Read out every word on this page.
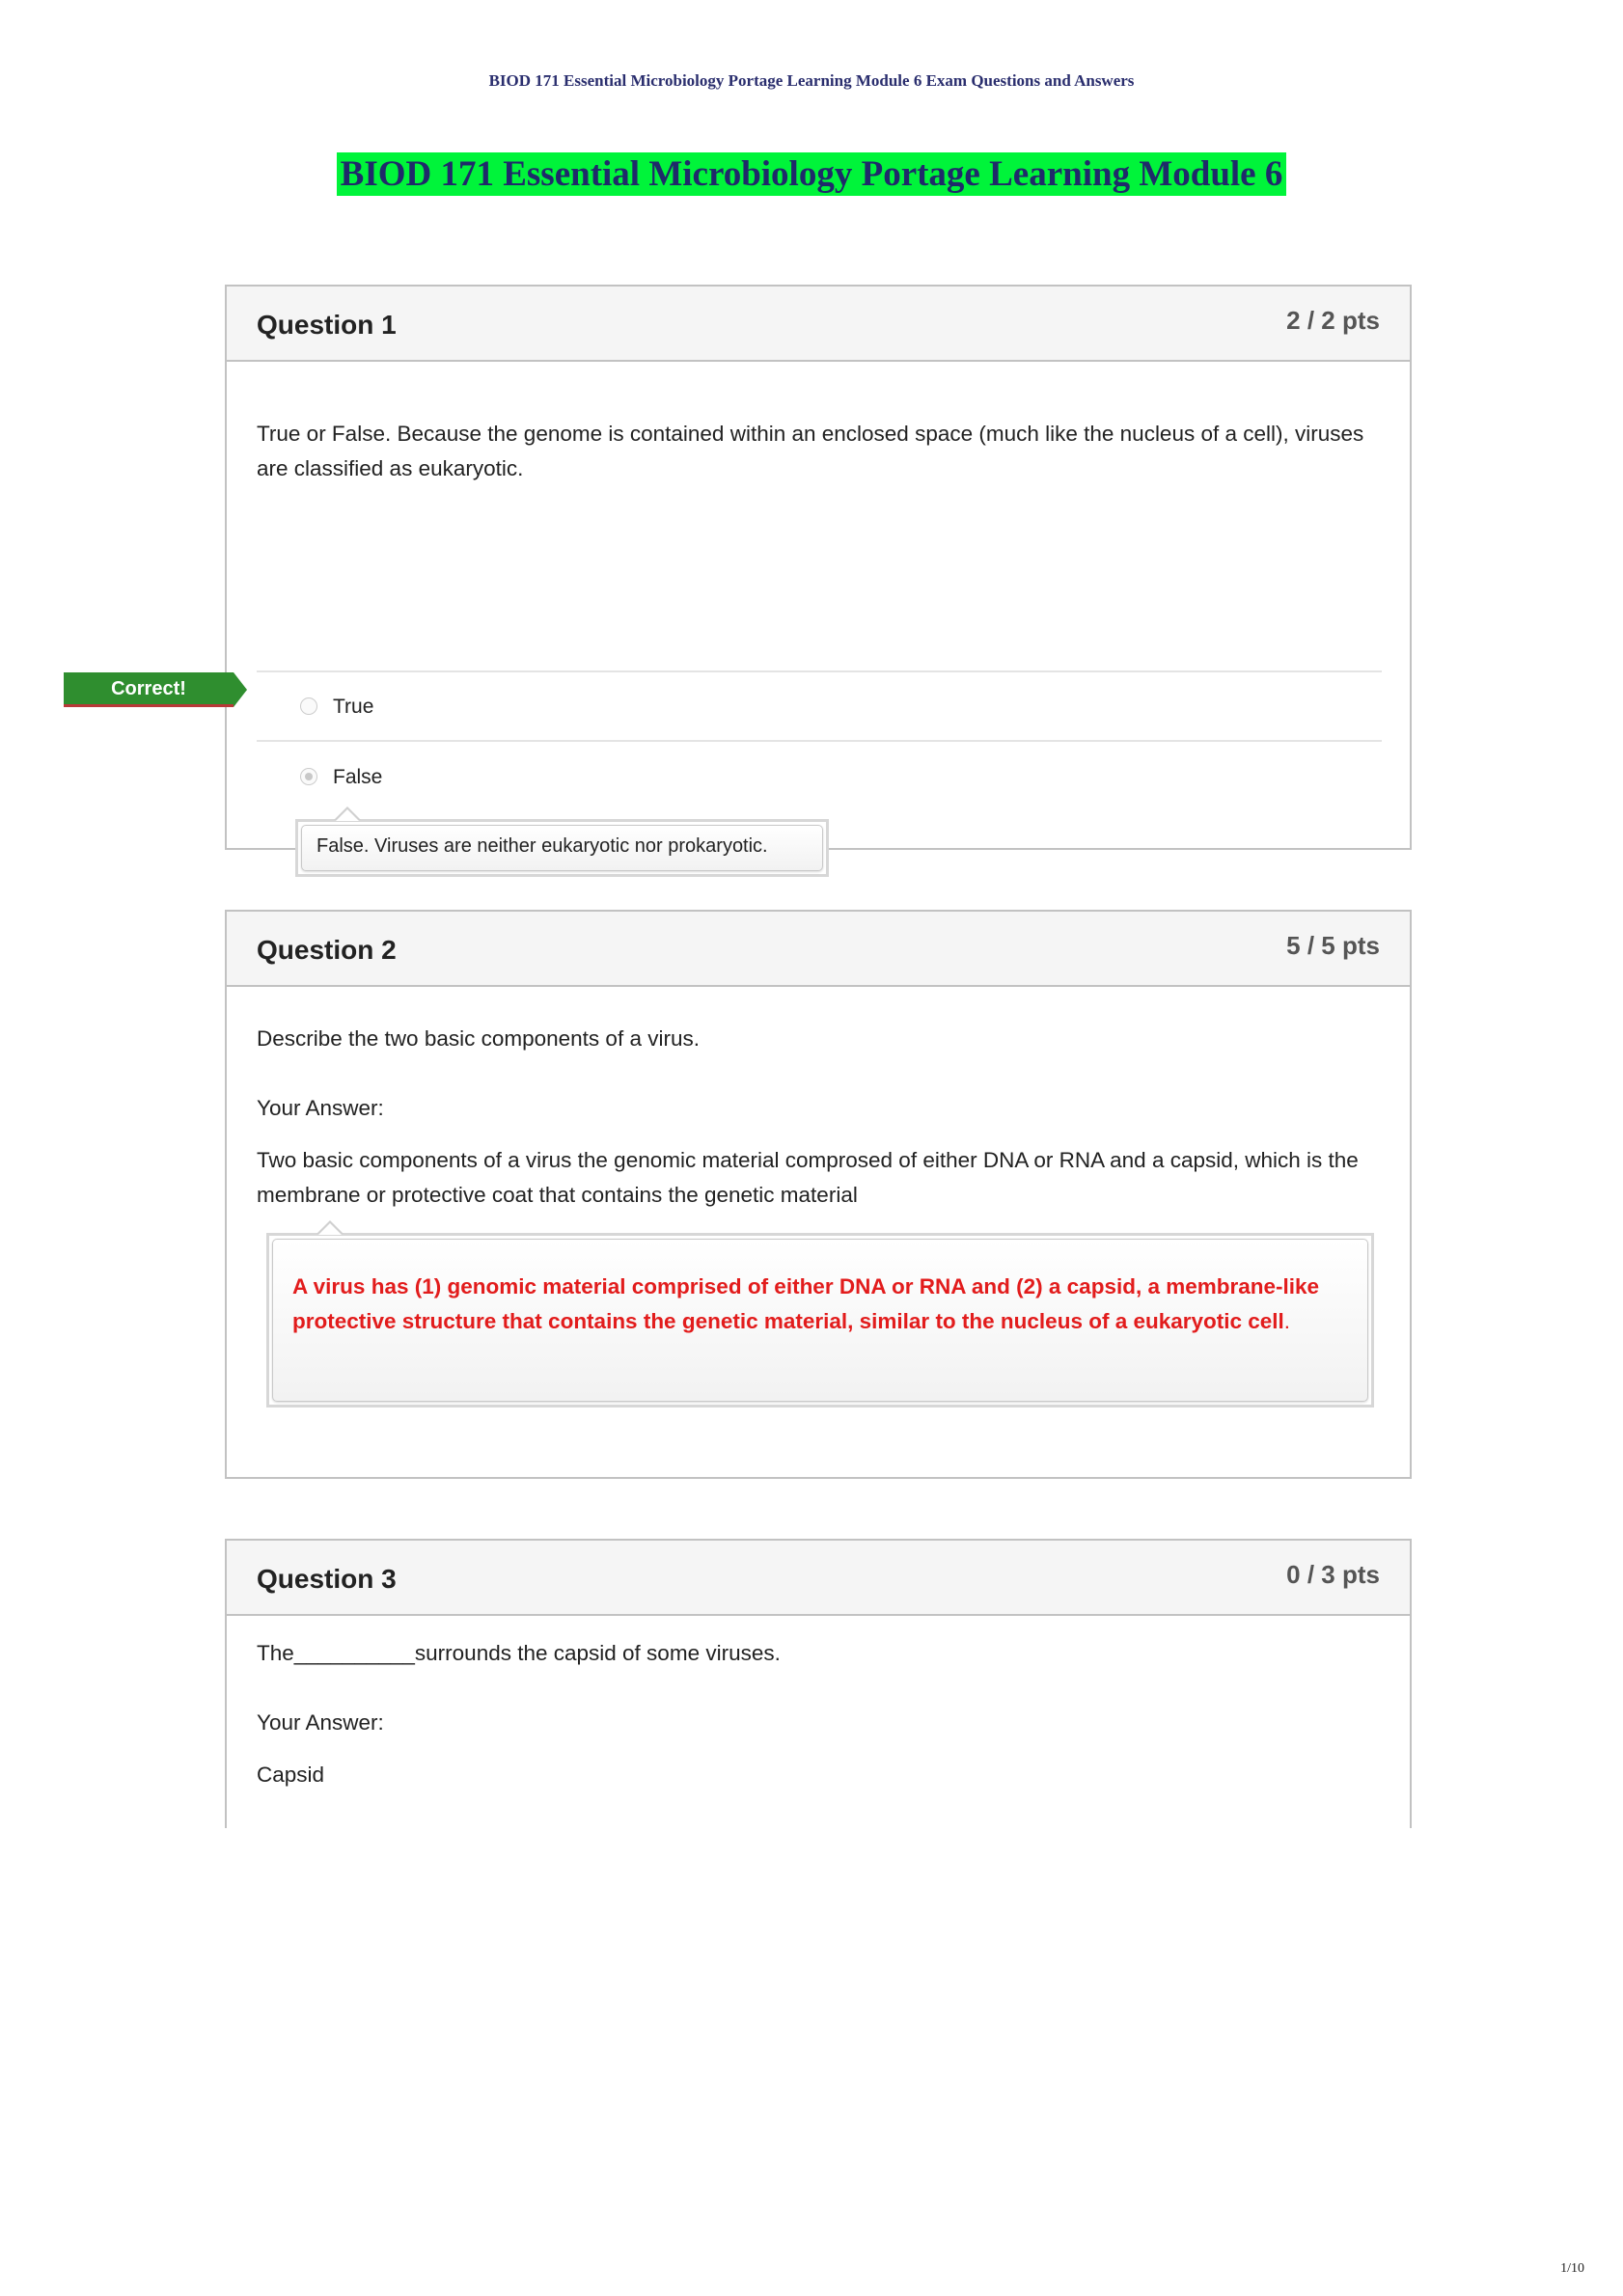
BIOD 171 Essential Microbiology Portage Learning Module 6 Exam Questions and Answers
BIOD 171 Essential Microbiology Portage Learning Module 6
Question 1	2 / 2 pts
True or False. Because the genome is contained within an enclosed space (much like the nucleus of a cell), viruses are classified as eukaryotic.
True
False
False. Viruses are neither eukaryotic nor prokaryotic.
Correct!
Question 2	5 / 5 pts
Describe the two basic components of a virus.
Your Answer:
Two basic components of a virus the genomic material comprosed of either DNA or RNA and a capsid, which is the membrane or protective coat that contains the genetic material
A virus has (1) genomic material comprised of either DNA or RNA and (2) a capsid, a membrane-like protective structure that contains the genetic material, similar to the nucleus of a eukaryotic cell.
Question 3	0 / 3 pts
The__________surrounds the capsid of some viruses.
Your Answer:
Capsid
1/10
